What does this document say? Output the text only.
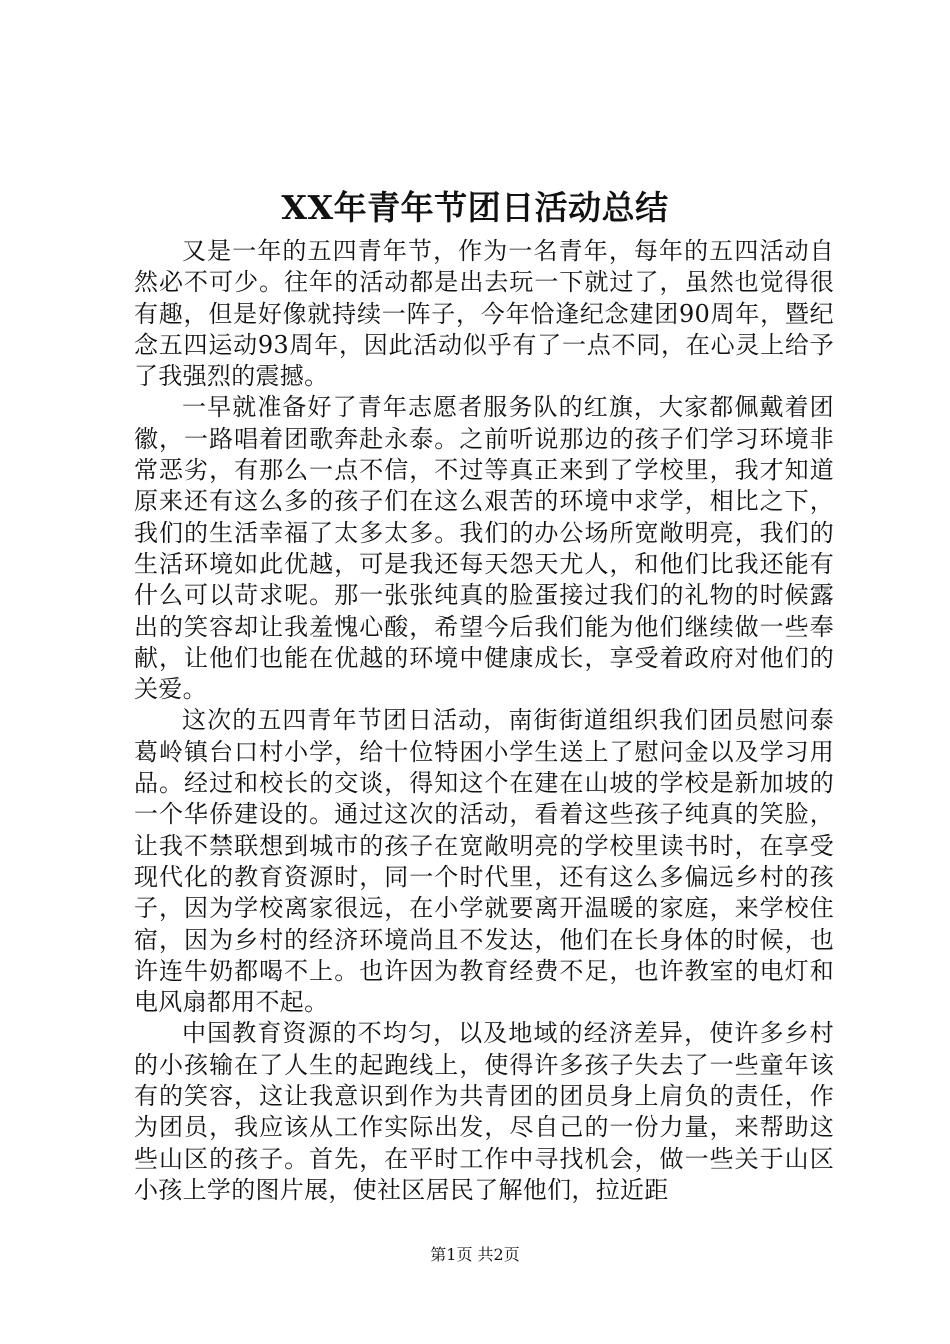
XX年青年节团日活动总结

又是一年的五四青年节，作为一名青年，每年的五四活动自然必不可少。往年的活动都是出去玩一下就过了，虽然也觉得很有趣，但是好像就持续一阵子，今年恰逢纪念建团90周年，暨纪念五四运动93周年，因此活动似乎有了一点不同，在心灵上给予了我强烈的震撼。

一早就准备好了青年志愿者服务队的红旗，大家都佩戴着团徽，一路唱着团歌奔赴永泰。之前听说那边的孩子们学习环境非常恶劣，有那么一点不信，不过等真正来到了学校里，我才知道原来还有这么多的孩子们在这么艰苦的环境中求学，相比之下，我们的生活幸福了太多太多。我们的办公场所宽敞明亮，我们的生活环境如此优越，可是我还每天怨天尤人，和他们比我还能有什么可以苛求呢。那一张张纯真的脸蛋接过我们的礼物的时候露出的笑容却让我羞愧心酸，希望今后我们能为他们继续做一些奉献，让他们也能在优越的环境中健康成长，享受着政府对他们的关爱。

这次的五四青年节团日活动，南街街道组织我们团员慰问泰葛岭镇台口村小学，给十位特困小学生送上了慰问金以及学习用品。经过和校长的交谈，得知这个在建在山坡的学校是新加坡的一个华侨建设的。通过这次的活动，看着这些孩子纯真的笑脸，让我不禁联想到城市的孩子在宽敞明亮的学校里读书时，在享受现代化的教育资源时，同一个时代里，还有这么多偏远乡村的孩子，因为学校离家很远，在小学就要离开温暖的家庭，来学校住宿，因为乡村的经济环境尚且不发达，他们在长身体的时候，也许连牛奶都喝不上。也许因为教育经费不足，也许教室的电灯和电风扇都用不起。

中国教育资源的不均匀，以及地域的经济差异，使许多乡村的小孩输在了人生的起跑线上，使得许多孩子失去了一些童年该有的笑容，这让我意识到作为共青团的团员身上肩负的责任，作为团员，我应该从工作实际出发，尽自己的一份力量，来帮助这些山区的孩子。首先，在平时工作中寻找机会，做一些关于山区小孩上学的图片展，使社区居民了解他们，拉近距

第1页 共2页
